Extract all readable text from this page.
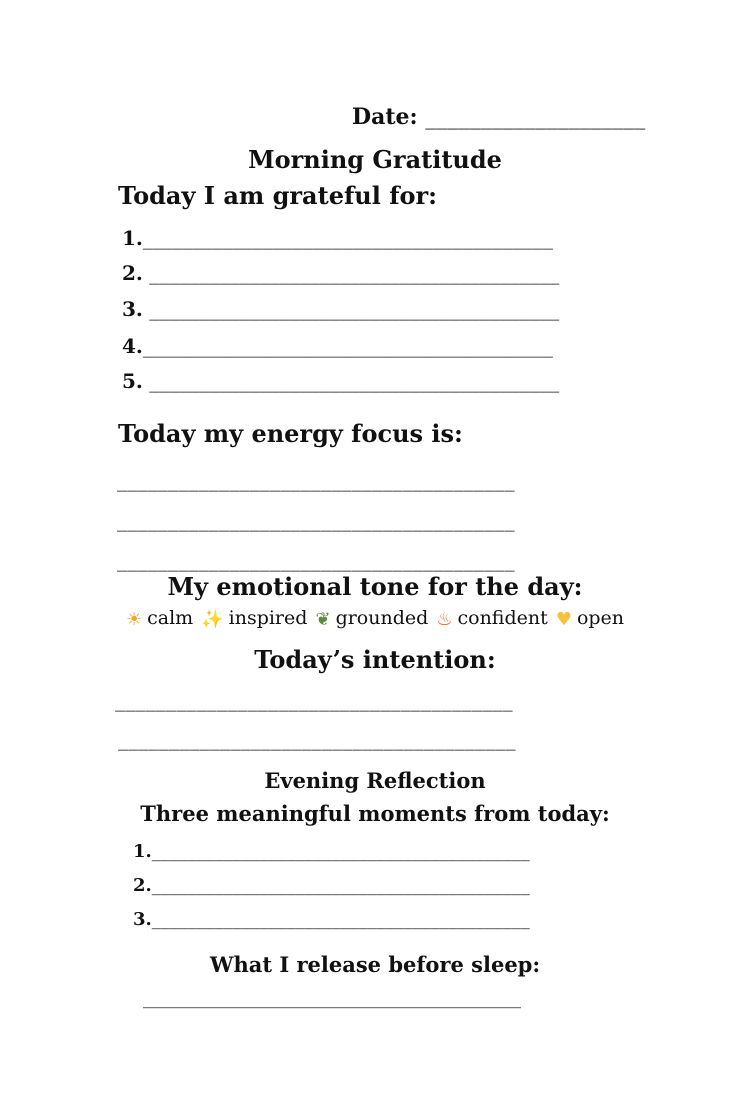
Date: ____________________
Morning Gratitude
Today I am grateful for:
1._________________________________________
2. _________________________________________
3. _________________________________________
4._________________________________________
5. _________________________________________
Today my energy focus is:
_______________________________________
_______________________________________
_______________________________________
My emotional tone for the day:
☀ calm ✨ inspired ❦ grounded ♨ confident ♥ open
Today’s intention:
_______________________________________
_______________________________________
Evening Reflection
Three meaningful moments from today:
1.__________________________________________
2.__________________________________________
3.__________________________________________
What I release before sleep:
__________________________________________
